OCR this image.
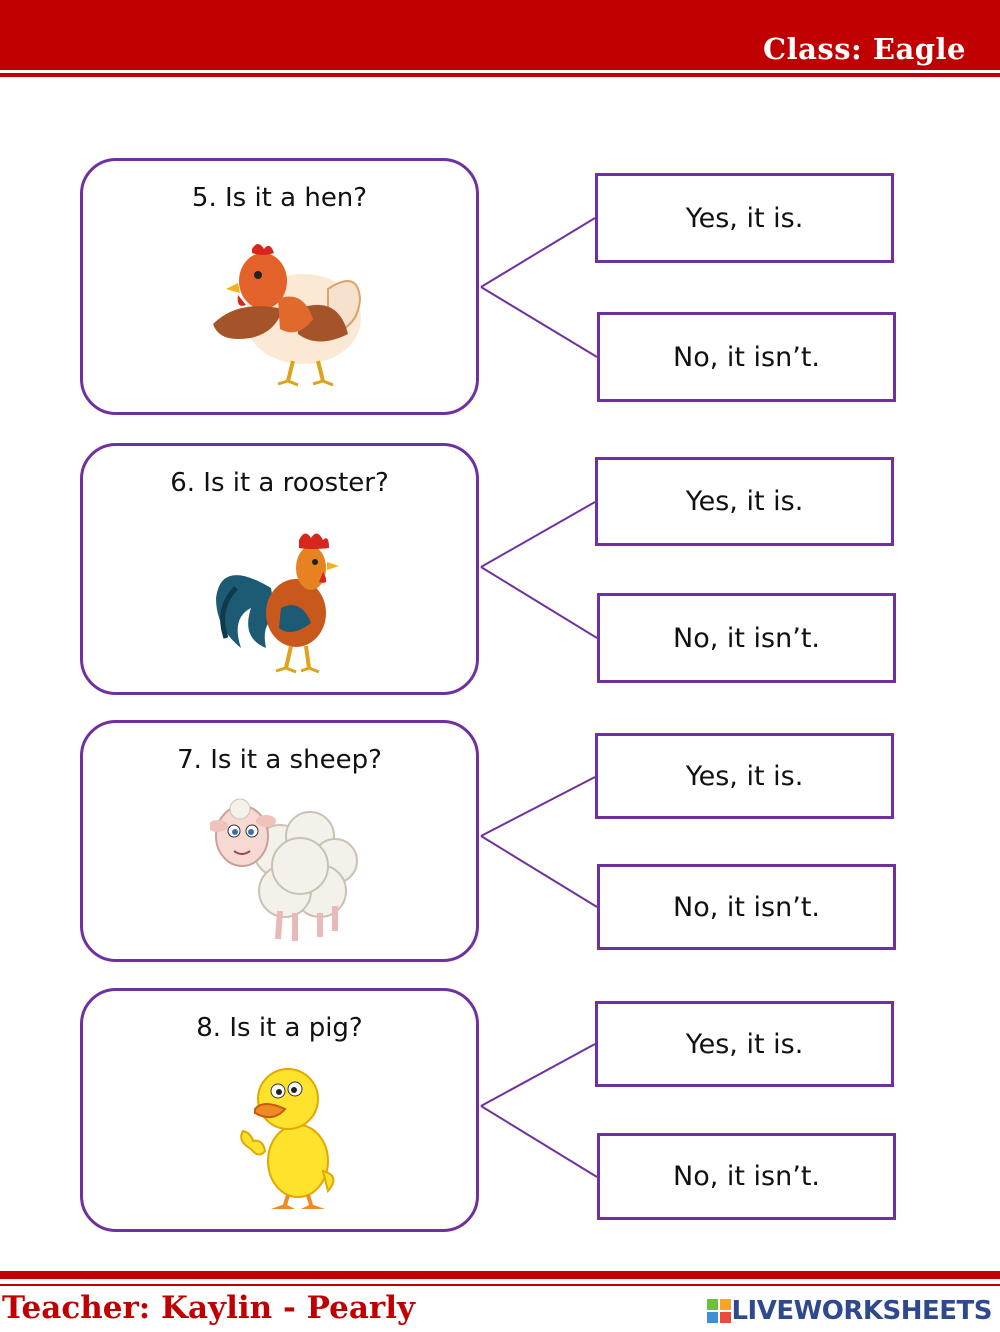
Class: Eagle
5. Is it a hen?
Yes, it is.
No, it isn’t.
6. Is it a rooster?
Yes, it is.
No, it isn’t.
7. Is it a sheep?
Yes, it is.
No, it isn’t.
8. Is it a pig?
Yes, it is.
No, it isn’t.
Teacher: Kaylin - Pearly	LIVEWORKSHEETS
